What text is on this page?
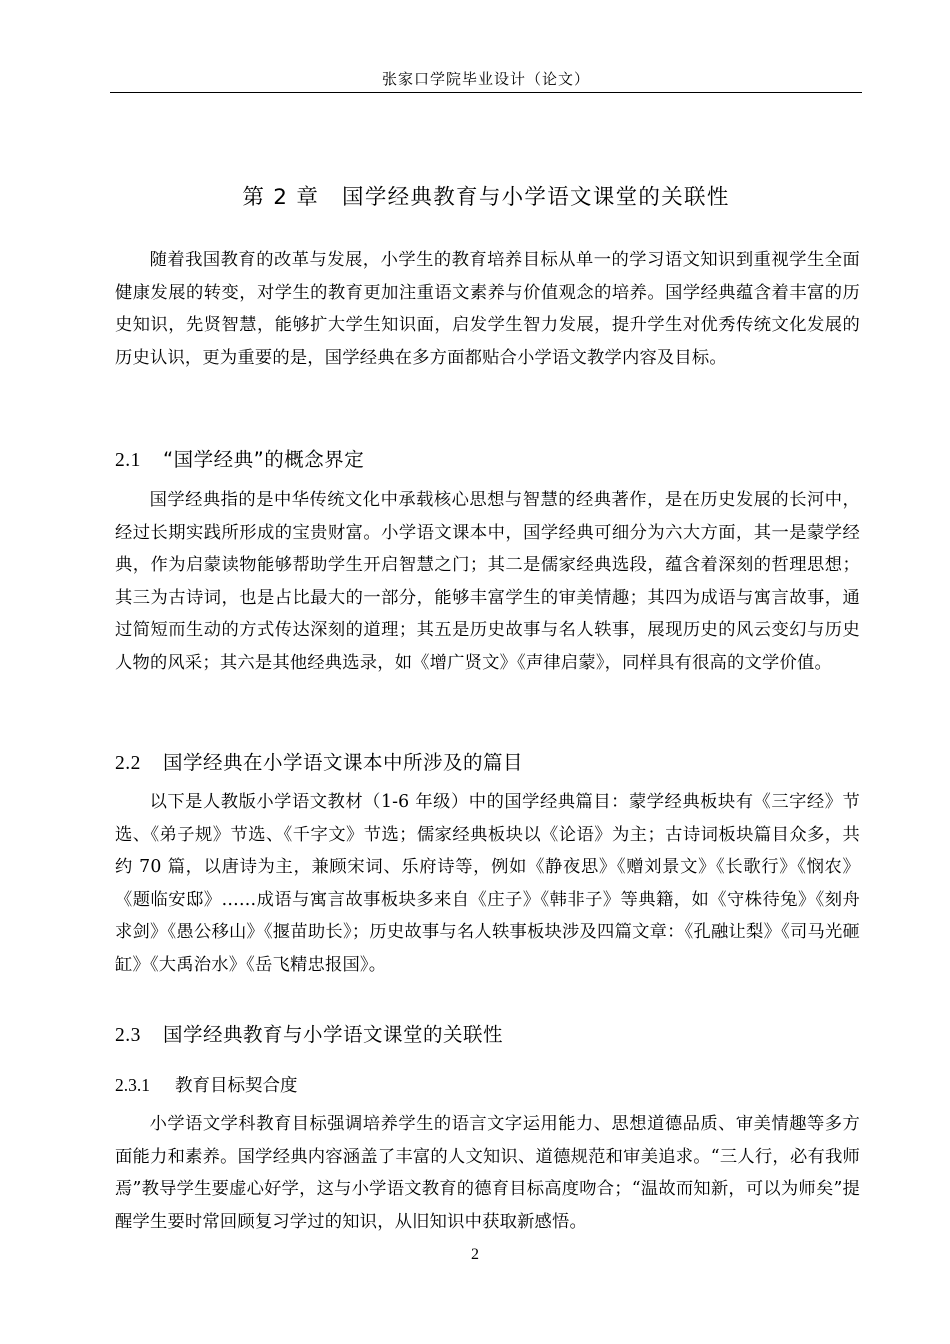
张家口学院毕业设计（论文）
第 2 章　国学经典教育与小学语文课堂的关联性

随着我国教育的改革与发展，小学生的教育培养目标从单一的学习语文知识到重视学生全面健康发展的转变，对学生的教育更加注重语文素养与价值观念的培养。国学经典蕴含着丰富的历史知识，先贤智慧，能够扩大学生知识面，启发学生智力发展，提升学生对优秀传统文化发展的历史认识，更为重要的是，国学经典在多方面都贴合小学语文教学内容及目标。

2.1 “国学经典”的概念界定

国学经典指的是中华传统文化中承载核心思想与智慧的经典著作，是在历史发展的长河中，经过长期实践所形成的宝贵财富。小学语文课本中，国学经典可细分为六大方面，其一是蒙学经典，作为启蒙读物能够帮助学生开启智慧之门；其二是儒家经典选段，蕴含着深刻的哲理思想；其三为古诗词，也是占比最大的一部分，能够丰富学生的审美情趣；其四为成语与寓言故事，通过简短而生动的方式传达深刻的道理；其五是历史故事与名人轶事，展现历史的风云变幻与历史人物的风采；其六是其他经典选录，如《增广贤文》《声律启蒙》，同样具有很高的文学价值。

2.2 国学经典在小学语文课本中所涉及的篇目

以下是人教版小学语文教材（1-6 年级）中的国学经典篇目：蒙学经典板块有《三字经》节选、《弟子规》节选、《千字文》节选；儒家经典板块以《论语》为主；古诗词板块篇目众多，共约 70 篇，以唐诗为主，兼顾宋词、乐府诗等，例如《静夜思》《赠刘景文》《长歌行》《悯农》《题临安邸》……成语与寓言故事板块多来自《庄子》《韩非子》等典籍，如《守株待兔》《刻舟求剑》《愚公移山》《揠苗助长》；历史故事与名人轶事板块涉及四篇文章：《孔融让梨》《司马光砸缸》《大禹治水》《岳飞精忠报国》。

2.3 国学经典教育与小学语文课堂的关联性
2.3.1 教育目标契合度

小学语文学科教育目标强调培养学生的语言文字运用能力、思想道德品质、审美情趣等多方面能力和素养。国学经典内容涵盖了丰富的人文知识、道德规范和审美追求。“三人行，必有我师焉”教导学生要虚心好学，这与小学语文教育的德育目标高度吻合；“温故而知新，可以为师矣”提醒学生要时常回顾复习学过的知识，从旧知识中获取新感悟。

2
